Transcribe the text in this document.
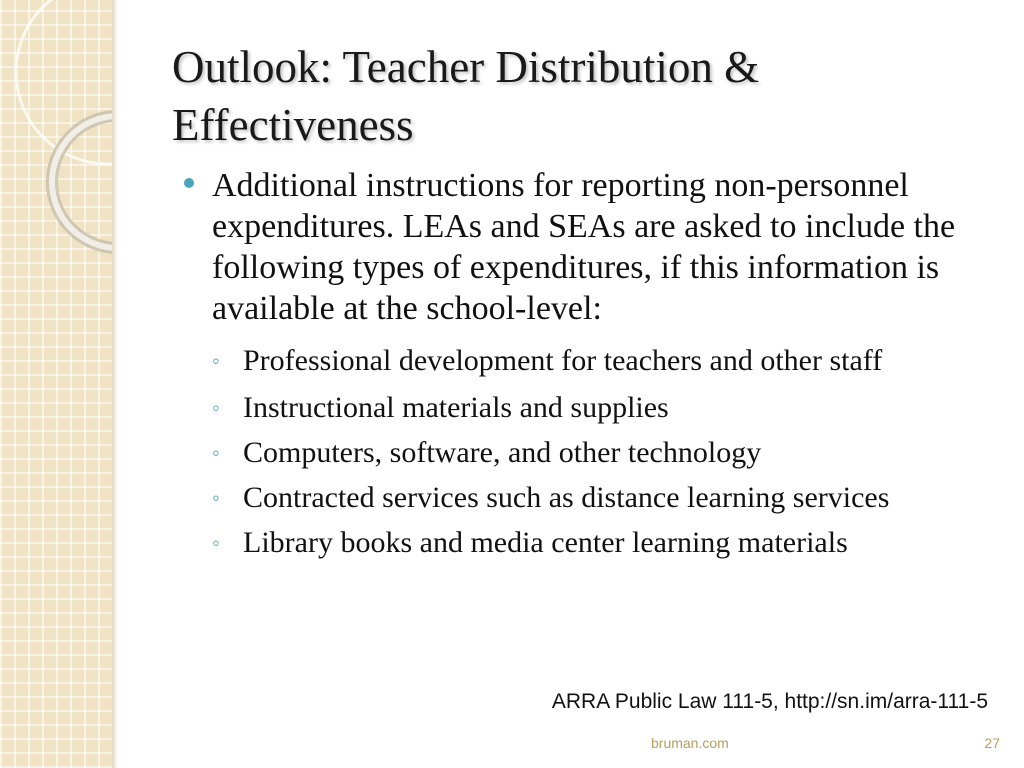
Outlook: Teacher Distribution &
Effectiveness
Additional instructions for reporting non-personnel expenditures. LEAs and SEAs are asked to include the following types of expenditures, if this information is available at the school-level:
◦ Professional development for teachers and other staff
◦ Instructional materials and supplies
◦ Computers, software, and other technology
◦ Contracted services such as distance learning services
◦ Library books and media center learning materials
ARRA Public Law 111-5, http://sn.im/arra-111-5
bruman.com	27
